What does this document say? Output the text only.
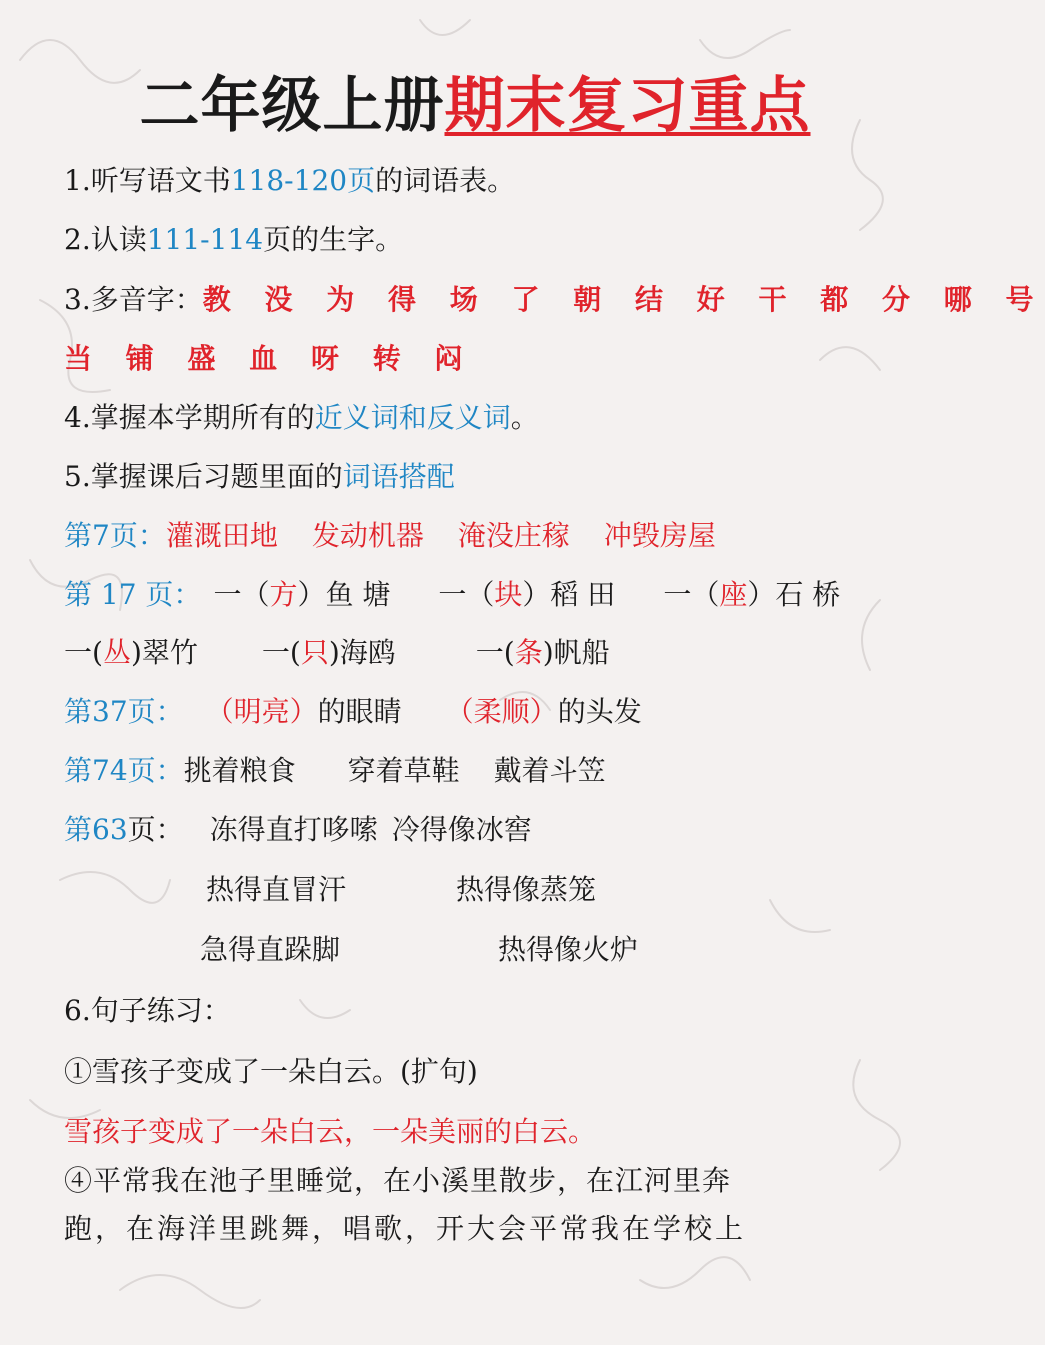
二年级上册期末复习重点
1.听写语文书118-120页的词语表。
2.认读111-114页的生字。
3.多音字：教 没 为 得 场 了 朝 结 好 干 都 分 哪 号
当 铺 盛 血 呀 转 闷
4.掌握本学期所有的近义词和反义词。
5.掌握课后习题里面的词语搭配
第7页：灌溉田地 发动机器 淹没庄稼 冲毁房屋
第 17 页： 一（方）鱼 塘 一（块）稻 田 一（座）石 桥
一(丛)翠竹 一(只)海鸥	一(条)帆船
第37页： （明亮）的眼睛 （柔顺）的头发
第74页：挑着粮食 穿着草鞋 戴着斗笠
第63页： 冻得直打哆嗦 冷得像冰窖
热得直冒汗	热得像蒸笼
急得直跺脚	热得像火炉
6.句子练习：
①雪孩子变成了一朵白云。(扩句)
雪孩子变成了一朵白云，一朵美丽的白云。
④平常我在池子里睡觉，在小溪里散步，在江河里奔
跑，在海洋里跳舞，唱歌，开大会平常我在学校上
